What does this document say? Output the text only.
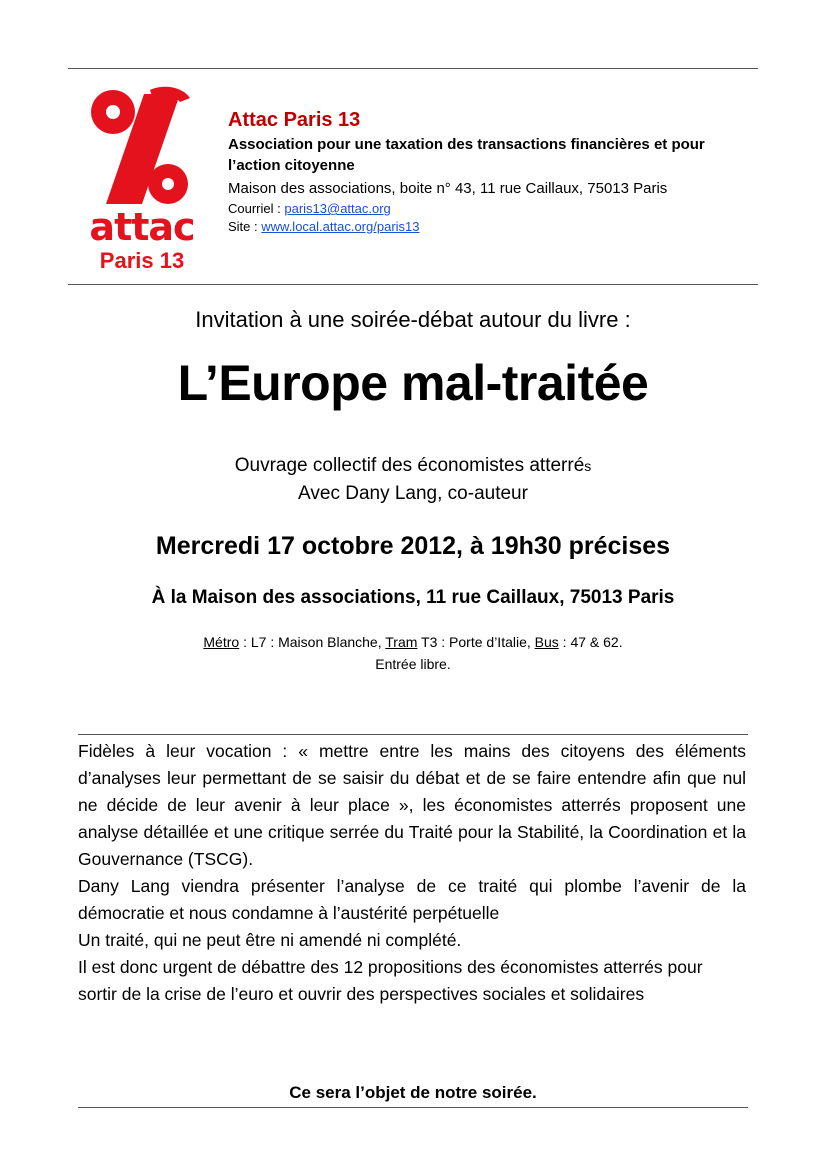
attac
Paris 13
Attac Paris 13
Association pour une taxation des transactions financières et pour l’action citoyenne
Maison des associations, boite n° 43, 11 rue Caillaux, 75013 Paris
Courriel : paris13@attac.org
Site : www.local.attac.org/paris13
Invitation à une soirée-débat autour du livre :
L’Europe mal-traitée
Ouvrage collectif des économistes atterrés
Avec Dany Lang, co-auteur
Mercredi 17 octobre 2012, à 19h30 précises
À la Maison des associations, 11 rue Caillaux, 75013 Paris
Métro : L7 : Maison Blanche, Tram T3 : Porte d’Italie, Bus : 47 & 62.
Entrée libre.

Fidèles à leur vocation : « mettre entre les mains des citoyens des éléments d’analyses leur permettant de se saisir du débat et de se faire entendre afin que nul ne décide de leur avenir à leur place », les économistes atterrés proposent une analyse détaillée et une critique serrée du Traité pour la Stabilité, la Coordination et la Gouvernance (TSCG).

Dany Lang viendra présenter l’analyse de ce traité qui plombe l’avenir de la démocratie et nous condamne à l’austérité perpétuelle

Un traité, qui ne peut être ni amendé ni complété.

Il est donc urgent de débattre des 12 propositions des économistes atterrés pour sortir de la crise de l’euro et ouvrir des perspectives sociales et solidaires

Ce sera l’objet de notre soirée.
